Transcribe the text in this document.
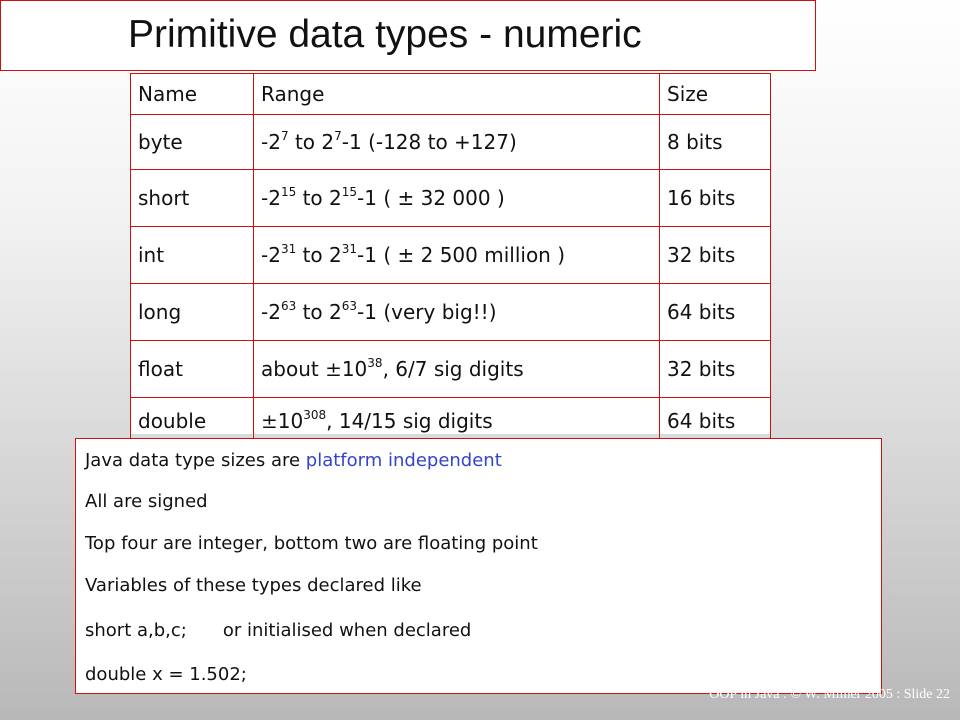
Primitive data types - numeric
Name	Range	Size
byte	$-2^7$ to $2^7-1$ (-128 to +127)	8 bits
short	$-2^{15}$ to $2^{15}-1$ ( ± 32 000 )	16 bits
int	$-2^{31}$ to $2^{31}-1$ ( ± 2 500 million )	32 bits
long	$-2^{63}$ to $2^{63}-1$ (very big!!)	64 bits
float	about $\pm 10^{38}$, 6/7 sig digits	32 bits
double	$\pm 10^{308}$, 14/15 sig digits	64 bits
Java data type sizes are platform independent
All are signed
Top four are integer, bottom two are floating point
Variables of these types declared like
short a,b,c; or initialised when declared
double x = 1.502;
OOP in Java : © W. Milner 2005 : Slide 22
